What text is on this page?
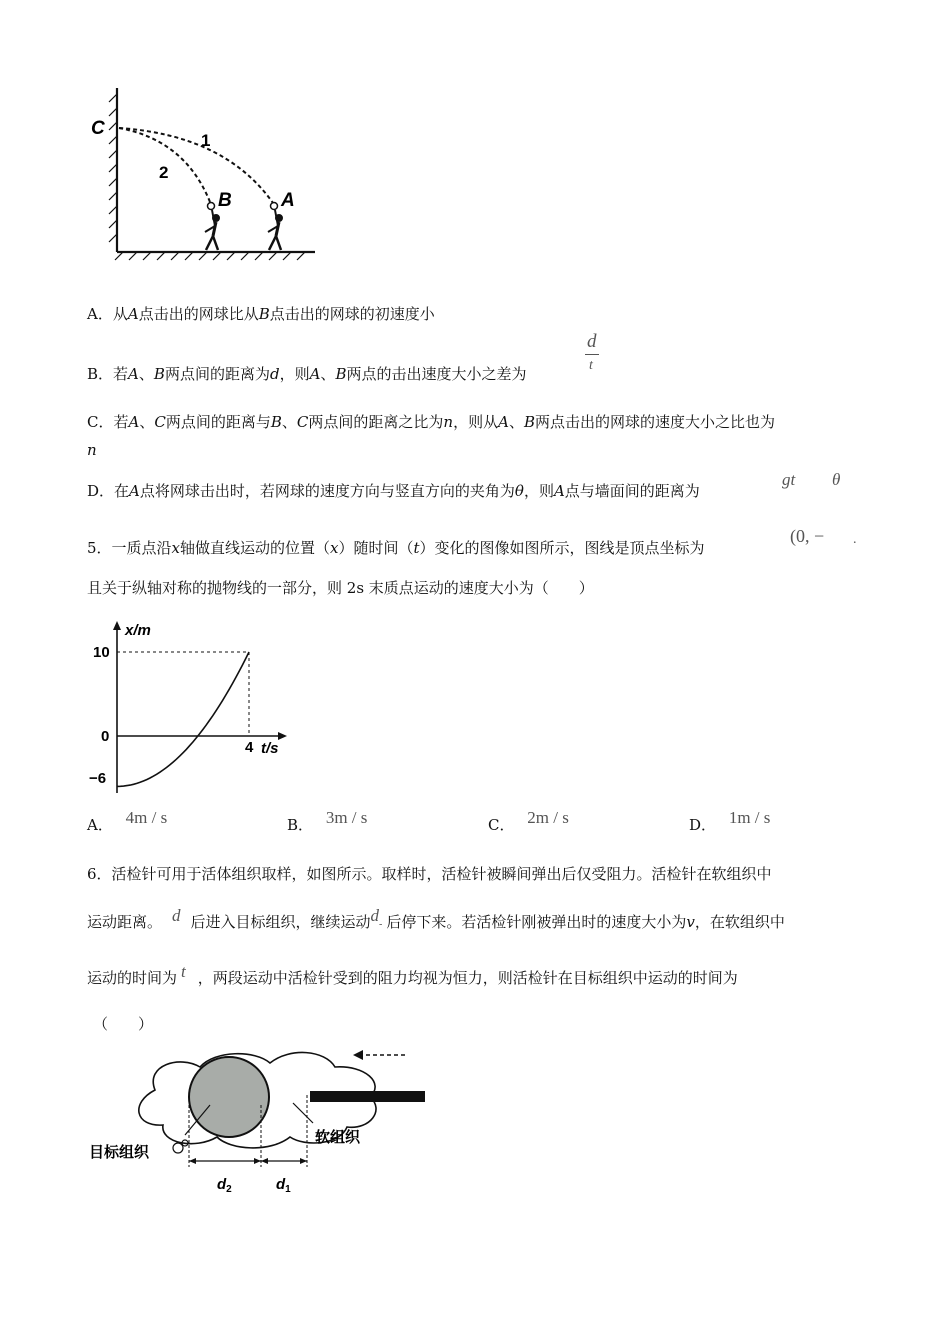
C
1
2
B	A
A．从A点击出的网球比从B点击出的网球的初速度小
B．若A、B两点间的距离为d，则A、B两点的击出速度大小之差为
d
t
C．若A、C两点间的距离与B、C两点间的距离之比为n，则从A、B两点击出的网球的速度大小之比也为
n
D．在A点将网球击出时，若网球的速度方向与竖直方向的夹角为θ，则A点与墙面间的距离为
gt θ
5．一质点沿x轴做直线运动的位置（x）随时间（t）变化的图像如图所示，图线是顶点坐标为
(0, − .
且关于纵轴对称的抛物线的一部分，则 2s 末质点运动的速度大小为（　　）
10
0
−6
4 t/s
x/m
A． 4m / s	B． 3m / s	C． 2m / s	D． 1m / s
6．活检针可用于活体组织取样，如图所示。取样时，活检针被瞬间弹出后仅受阻力。活检针在软组织中
运动距离。 d 后进入目标组织，继续运动d- 后停下来。若活检针刚被弹出时的速度大小为v，在软组织中
运动的时间为 t ，两段运动中活检针受到的阻力均视为恒力，则活检针在目标组织中运动的时间为
（　　）
目标组织
软组织
$d_2$	$d_1$
